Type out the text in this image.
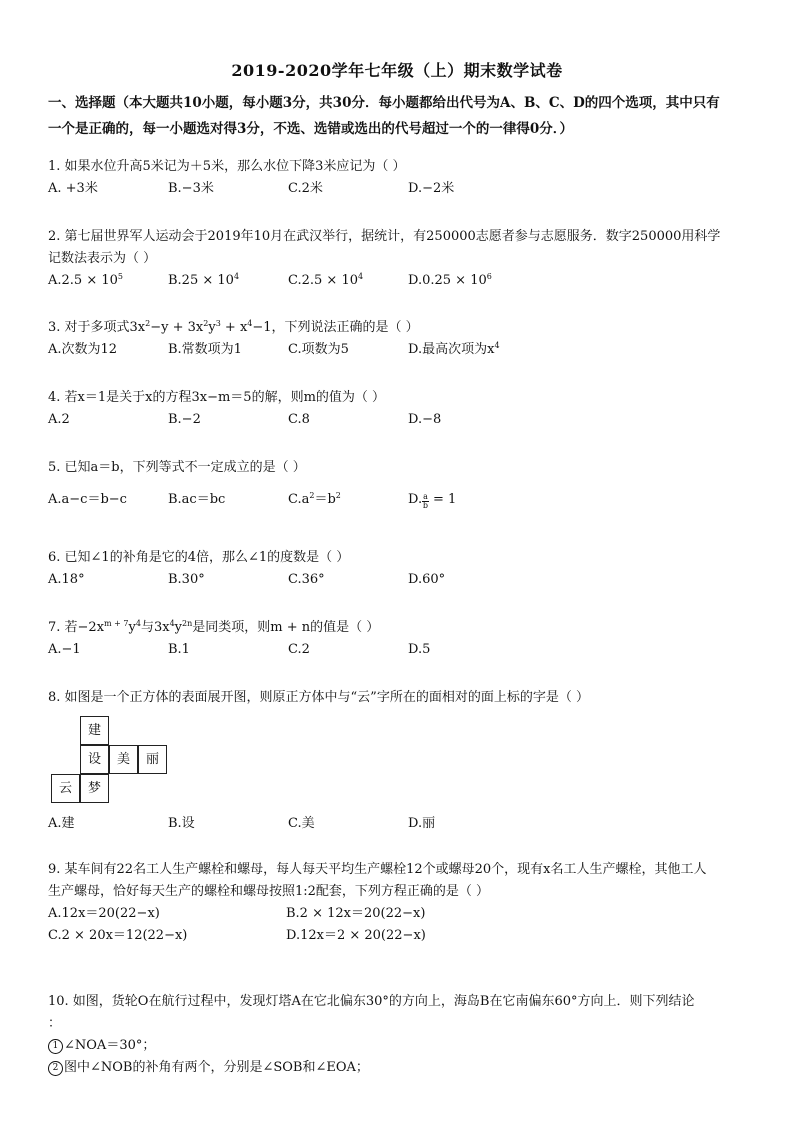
2019-2020学年七年级（上）期末数学试卷
一、选择题（本大题共10小题，每小题3分，共30分．每小题都给出代号为A、B、C、D的四个选项，其中只有
一个是正确的，每一小题选对得3分，不选、选错或选出的代号超过一个的一律得0分．）
1. 如果水位升高5米记为＋5米，那么水位下降3米应记为（ ）
A. +3米	B.−3米	C.2米	D.−2米
2. 第七届世界军人运动会于2019年10月在武汉举行，据统计，有250000志愿者参与志愿服务．数字250000用科学
记数法表示为（ ）
$A.2.5 \times 10^5$	$B.25 \times 10^4$	$C.2.5 \times 10^4$	$D.0.25 \times 10^6$
3. 对于多项式$3x^2-y + 3x^2y^3 + x^4-1$，下列说法正确的是（ ）
A.次数为12	B.常数项为1	C.项数为5	D.最高次项为$x^4$
4. 若x＝1是关于x的方程3x−m＝5的解，则m的值为（ ）
A.2	B.−2	C.8	D.−8
5. 已知a＝b，下列等式不一定成立的是（ ）
A.a−c＝b−c	B.ac＝bc	$C.a^2=b^2$	D. $\frac{a}{b} = 1$
6. 已知∠1的补角是它的4倍，那么∠1的度数是（ ）
A.18°	B.30°	C.36°	D.60°
7. 若$-2x^{m + 7}y^4$与$3x^4y^{2n}$是同类项，则m + n的值是（ ）
A.−1	B.1	C.2	D.5
8. 如图是一个正方体的表面展开图，则原正方体中与“云”字所在的面相对的面上标的字是（ ）
建
设	美	丽
云	梦
A.建	B.设	C.美	D.丽
9. 某车间有22名工人生产螺栓和螺母，每人每天平均生产螺栓12个或螺母20个，现有x名工人生产螺栓，其他工人
生产螺母，恰好每天生产的螺栓和螺母按照1:2配套，下列方程正确的是（ ）
A.12x＝20(22−x)	B.2 × 12x＝20(22−x)
C.2 × 20x＝12(22−x)	D.12x＝2 × 20(22−x)
10. 如图，货轮O在航行过程中，发现灯塔A在它北偏东30°的方向上，海岛B在它南偏东60°方向上．则下列结论
：
1 ∠NOA＝30°；
2 图中∠NOB的补角有两个，分别是∠SOB和∠EOA；
